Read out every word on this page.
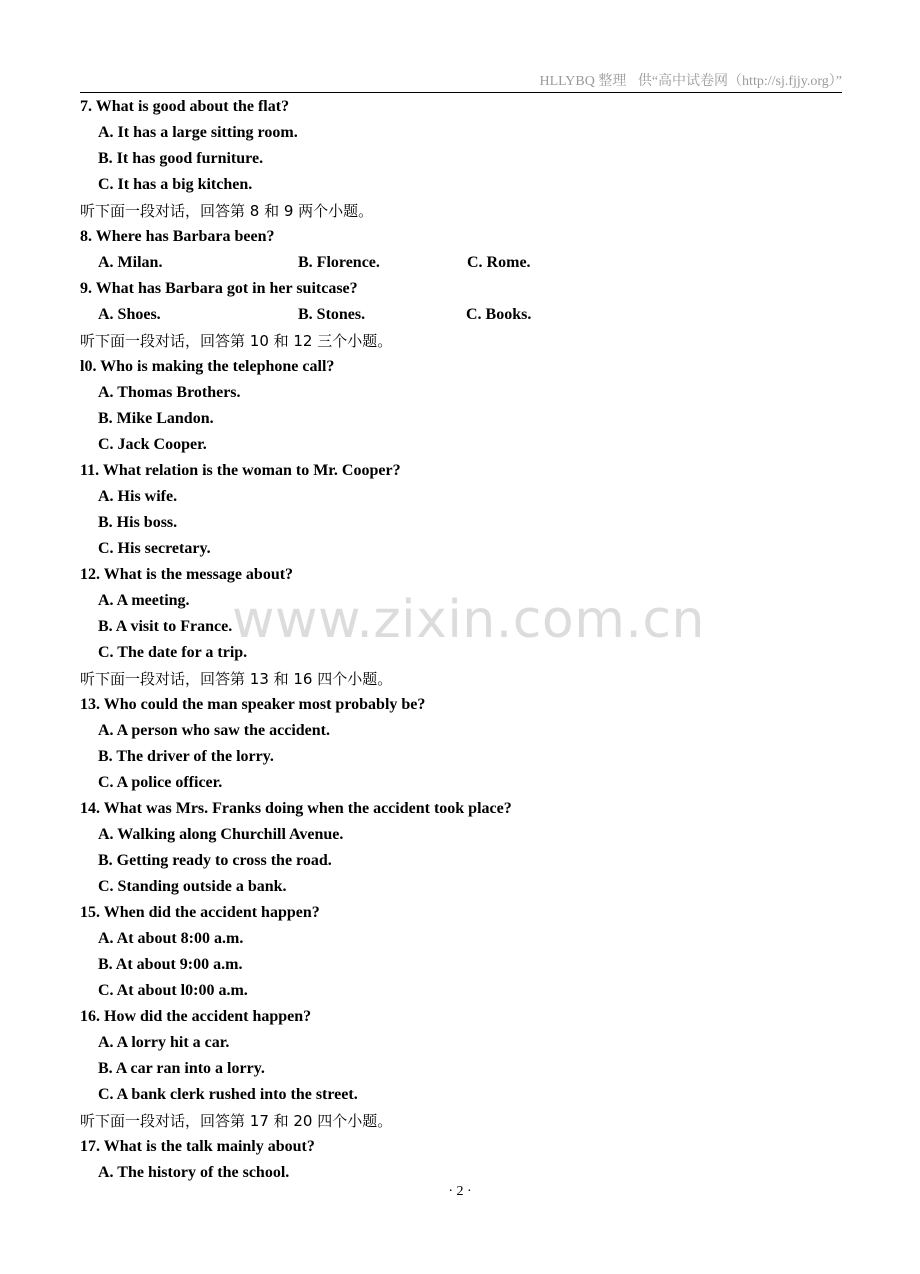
HLLYBQ 整理 供“高中试卷网（http://sj.fjjy.org）”
www.zixin.com.cn
7. What is good about the flat?
A. It has a large sitting room.
B. It has good furniture.
C. It has a big kitchen.
听下面一段对话，回答第 8 和 9 两个小题。
8. Where has Barbara been?
A. Milan.	B. Florence.	C. Rome.
9. What has Barbara got in her suitcase?
A. Shoes.	B. Stones.	C. Books.
听下面一段对话，回答第 10 和 12 三个小题。
l0. Who is making the telephone call?
A. Thomas Brothers.
B. Mike Landon.
C. Jack Cooper.
11. What relation is the woman to Mr. Cooper?
A. His wife.
B. His boss.
C. His secretary.
12. What is the message about?
A. A meeting.
B. A visit to France.
C. The date for a trip.
听下面一段对话，回答第 13 和 16 四个小题。
13. Who could the man speaker most probably be?
A. A person who saw the accident.
B. The driver of the lorry.
C. A police officer.
14. What was Mrs. Franks doing when the accident took place?
A. Walking along Churchill Avenue.
B. Getting ready to cross the road.
C. Standing outside a bank.
15. When did the accident happen?
A. At about 8:00 a.m.
B. At about 9:00 a.m.
C. At about l0:00 a.m.
16. How did the accident happen?
A. A lorry hit a car.
B. A car ran into a lorry.
C. A bank clerk rushed into the street.
听下面一段对话，回答第 17 和 20 四个小题。
17. What is the talk mainly about?
A. The history of the school.
· 2 ·
